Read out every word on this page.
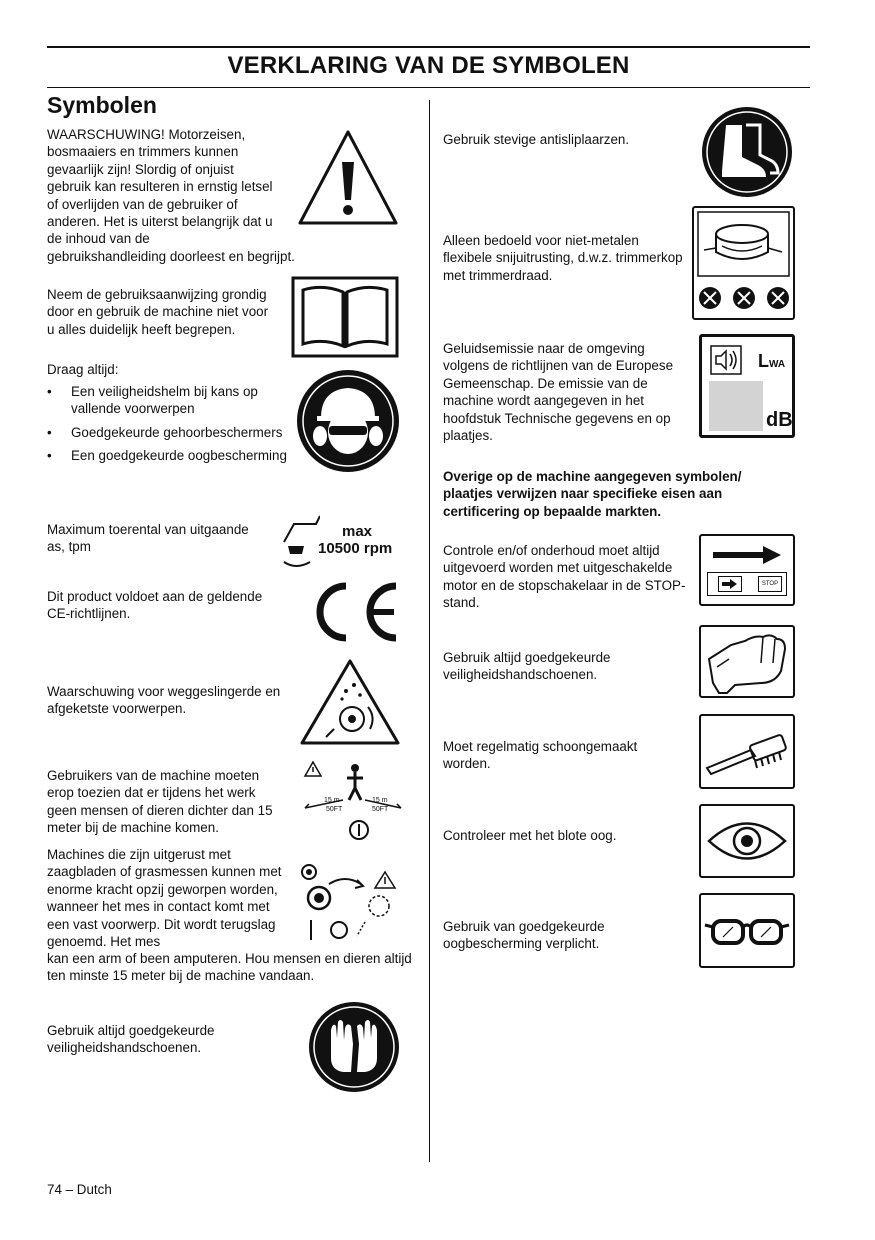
VERKLARING VAN DE SYMBOLEN
Symbolen

WAARSCHUWING! Motorzeisen, bosmaaiers en trimmers kunnen gevaarlijk zijn! Slordig of onjuist gebruik kan resulteren in ernstig letsel of overlijden van de gebruiker of anderen. Het is uiterst belangrijk dat u de inhoud van de

gebruikshandleiding doorleest en begrijpt.

Neem de gebruiksaanwijzing grondig door en gebruik de machine niet voor u alles duidelijk heeft begrepen.

Draag altijd:

• Een veiligheidshelm bij kans op vallende voorwerpen
• Goedgekeurde gehoorbeschermers
• Een goedgekeurde oogbescherming

Maximum toerental van uitgaande as, tpm

max
10500 rpm

Dit product voldoet aan de geldende CE-richtlijnen.

Waarschuwing voor weggeslingerde en afgeketste voorwerpen.

Gebruikers van de machine moeten erop toezien dat er tijdens het werk geen mensen of dieren dichter dan 15 meter bij de machine komen.

15 m
50FT
15 m
50FT

Machines die zijn uitgerust met zaagbladen of grasmessen kunnen met enorme kracht opzij geworpen worden, wanneer het mes in contact komt met een vast voorwerp. Dit wordt terugslag genoemd. Het mes

kan een arm of been amputeren. Hou mensen en dieren altijd ten minste 15 meter bij de machine vandaan.

Gebruik altijd goedgekeurde veiligheidshandschoenen.

Gebruik stevige antisliplaarzen.

Alleen bedoeld voor niet-metalen flexibele snijuitrusting, d.w.z. trimmerkop met trimmerdraad.

Geluidsemissie naar de omgeving volgens de richtlijnen van de Europese Gemeenschap. De emissie van de machine wordt aangegeven in het hoofdstuk Technische gegevens en op plaatjes.

LWA
dB

Overige op de machine aangegeven symbolen/ plaatjes verwijzen naar specifieke eisen aan certificering op bepaalde markten.

Controle en/of onderhoud moet altijd uitgevoerd worden met uitgeschakelde motor en de stopschakelaar in de STOP-stand.

STOP

Gebruik altijd goedgekeurde veiligheidshandschoenen.

Moet regelmatig schoongemaakt worden.

Controleer met het blote oog.

Gebruik van goedgekeurde oogbescherming verplicht.

74 – Dutch
